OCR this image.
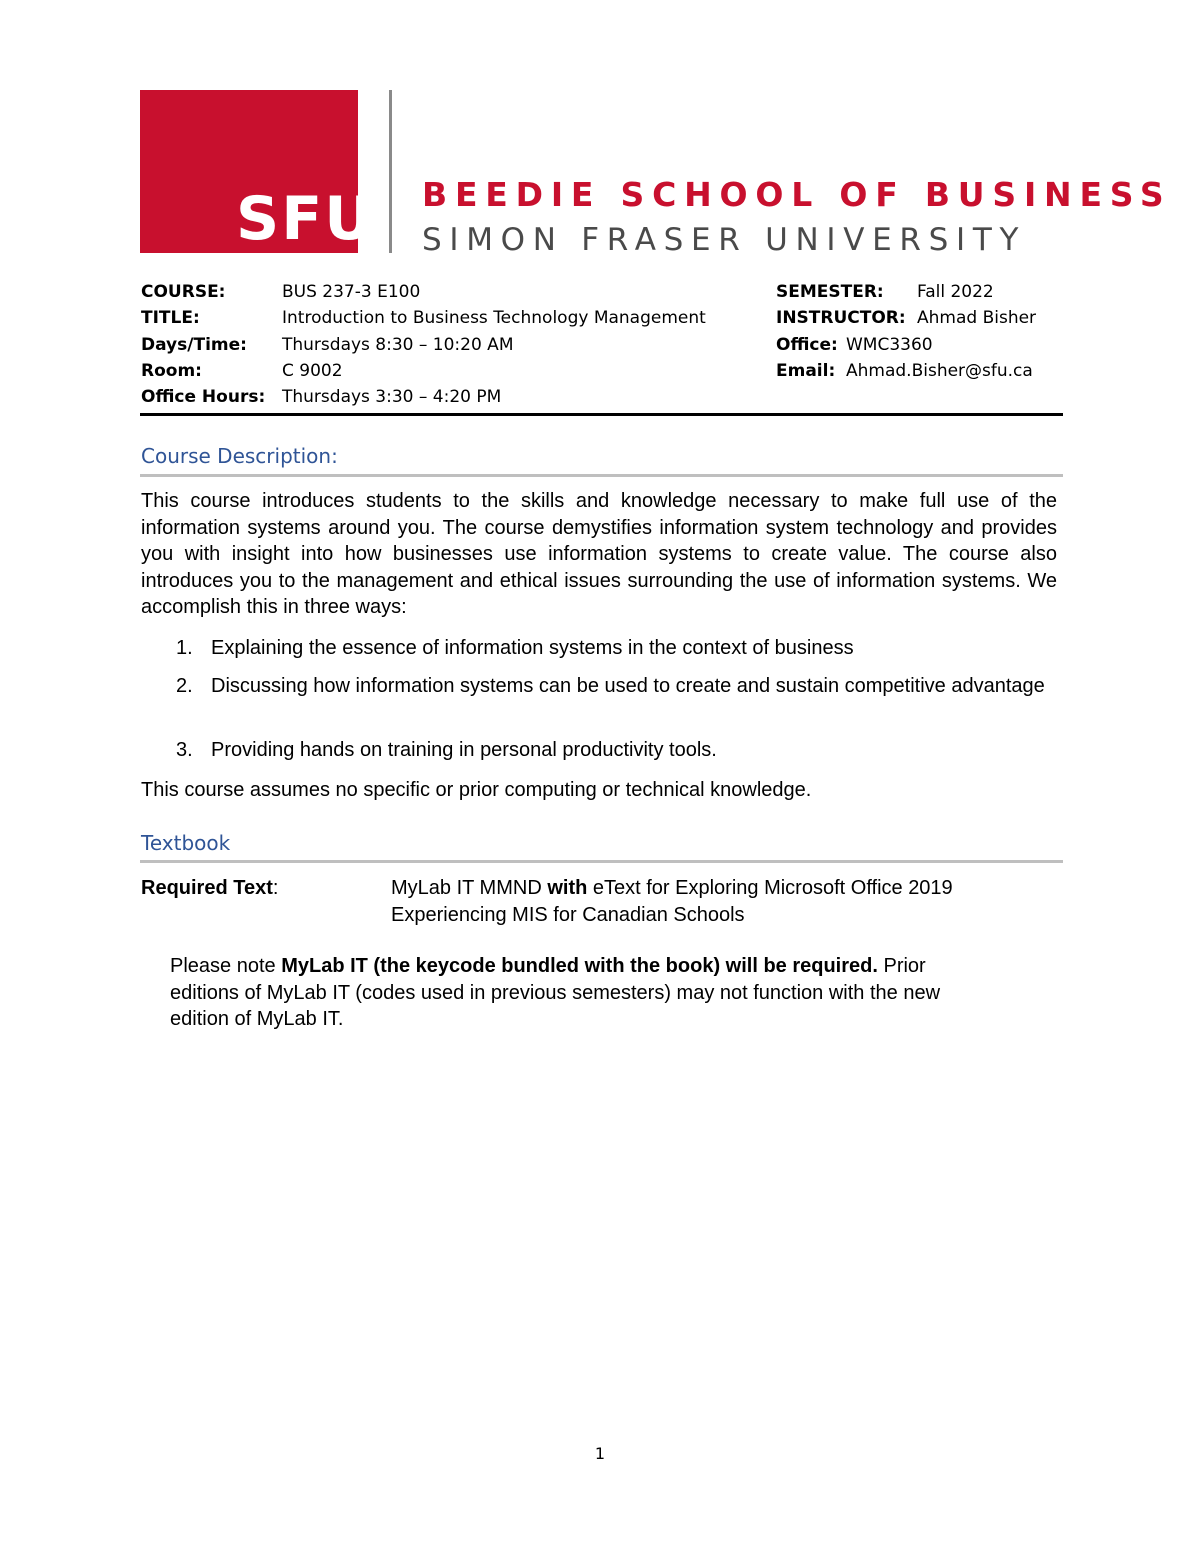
SFU BEEDIE SCHOOL OF BUSINESS
SIMON FRASER UNIVERSITY
COURSE:	BUS 237-3 E100
TITLE:	Introduction to Business Technology Management
Days/Time: Thursdays 8:30 – 10:20 AM
Room:	C 9002
Office Hours: Thursdays 3:30 – 4:20 PM
SEMESTER: Fall 2022
INSTRUCTOR: Ahmad Bisher
Office: WMC3360
Email: Ahmad.Bisher@sfu.ca
Course Description:
This course introduces students to the skills and knowledge necessary to make full use of the information systems around you. The course demystifies information system technology and provides you with insight into how businesses use information systems to create value. The course also introduces you to the management and ethical issues surrounding the use of information systems. We accomplish this in three ways:
1. Explaining the essence of information systems in the context of business
2. Discussing how information systems can be used to create and sustain competitive advantage
3. Providing hands on training in personal productivity tools.
This course assumes no specific or prior computing or technical knowledge.
Textbook
Required Text:	MyLab IT MMND with eText for Exploring Microsoft Office 2019
Experiencing MIS for Canadian Schools
Please note MyLab IT (the keycode bundled with the book) will be required. Prior editions of MyLab IT (codes used in previous semesters) may not function with the new edition of MyLab IT.
1
